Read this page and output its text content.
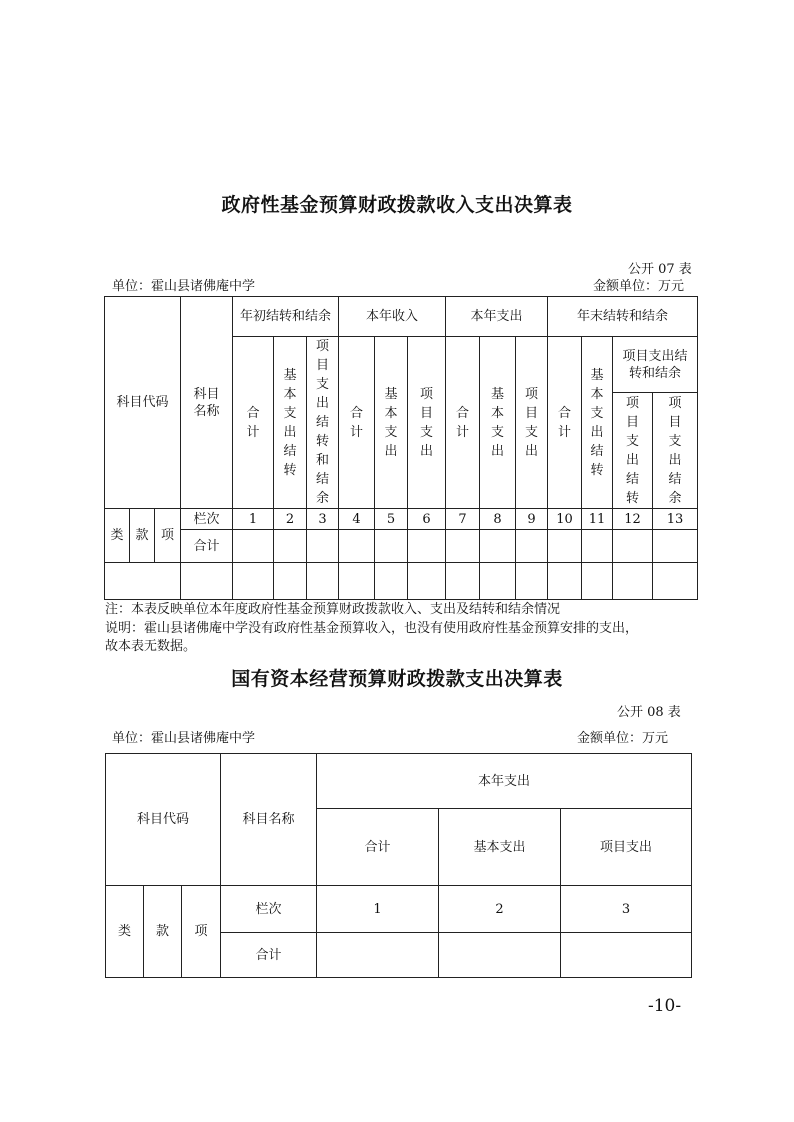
政府性基金预算财政拨款收入支出决算表
公开 07 表
单位：霍山县诸佛庵中学	金额单位：万元
科目代码			科目名称	年初结转和结余			本年收入			本年支出			年末结转和结余			
				合计	基本支出结转	项目支出结转和结余	合计	基本支出	项目支出	合计	基本支出	项目支出	合计	基本支出结转	项目支出结转和结余	
															项目支出结转	项目支出结余
类	款	项	栏次	1	2	3	4	5	6	7	8	9	10	11	12	13
			合计													

注：本表反映单位本年度政府性基金预算财政拨款收入、支出及结转和结余情况
说明：霍山县诸佛庵中学没有政府性基金预算收入，也没有使用政府性基金预算安排的支出，
故本表无数据。
国有资本经营预算财政拨款支出决算表
公开 08 表
单位：霍山县诸佛庵中学	金额单位：万元
科目代码			科目名称	本年支出		
				合计	基本支出	项目支出
类	款	项	栏次	1	2	3
			合计			
-10-
